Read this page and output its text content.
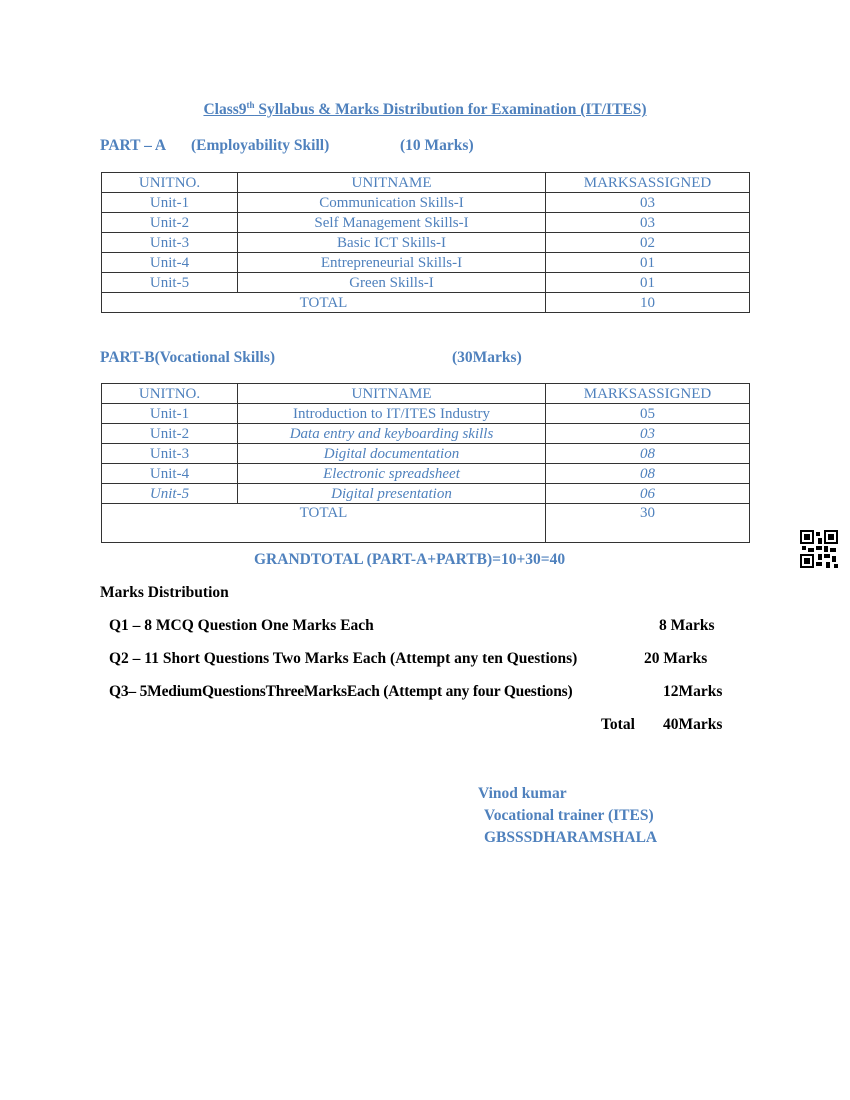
Class9th Syllabus & Marks Distribution for Examination (IT/ITES)
PART – A (Employability Skill)	(10 Marks)
UNITNO.	UNITNAME	MARKSASSIGNED
Unit-1	Communication Skills-I	03
Unit-2	Self Management Skills-I	03
Unit-3	Basic ICT Skills-I	02
Unit-4	Entrepreneurial Skills-I	01
Unit-5	Green Skills-I	01
TOTAL		10
PART-B(Vocational Skills)	(30Marks)
UNITNO.	UNITNAME	MARKSASSIGNED
Unit-1	Introduction to IT/ITES Industry	05
Unit-2	Data entry and keyboarding skills	03
Unit-3	Digital documentation	08
Unit-4	Electronic spreadsheet	08
Unit-5	Digital presentation	06
TOTAL		30
GRANDTOTAL (PART-A+PARTB)=10+30=40
Marks Distribution
Q1 – 8 MCQ Question One Marks Each	8 Marks
Q2 – 11 Short Questions Two Marks Each (Attempt any ten Questions)	20 Marks
Q3– 5MediumQuestionsThreeMarksEach (Attempt any four Questions)	12Marks
Total 40Marks
Vinod kumar
Vocational trainer (ITES)
GBSSSDHARAMSHALA
